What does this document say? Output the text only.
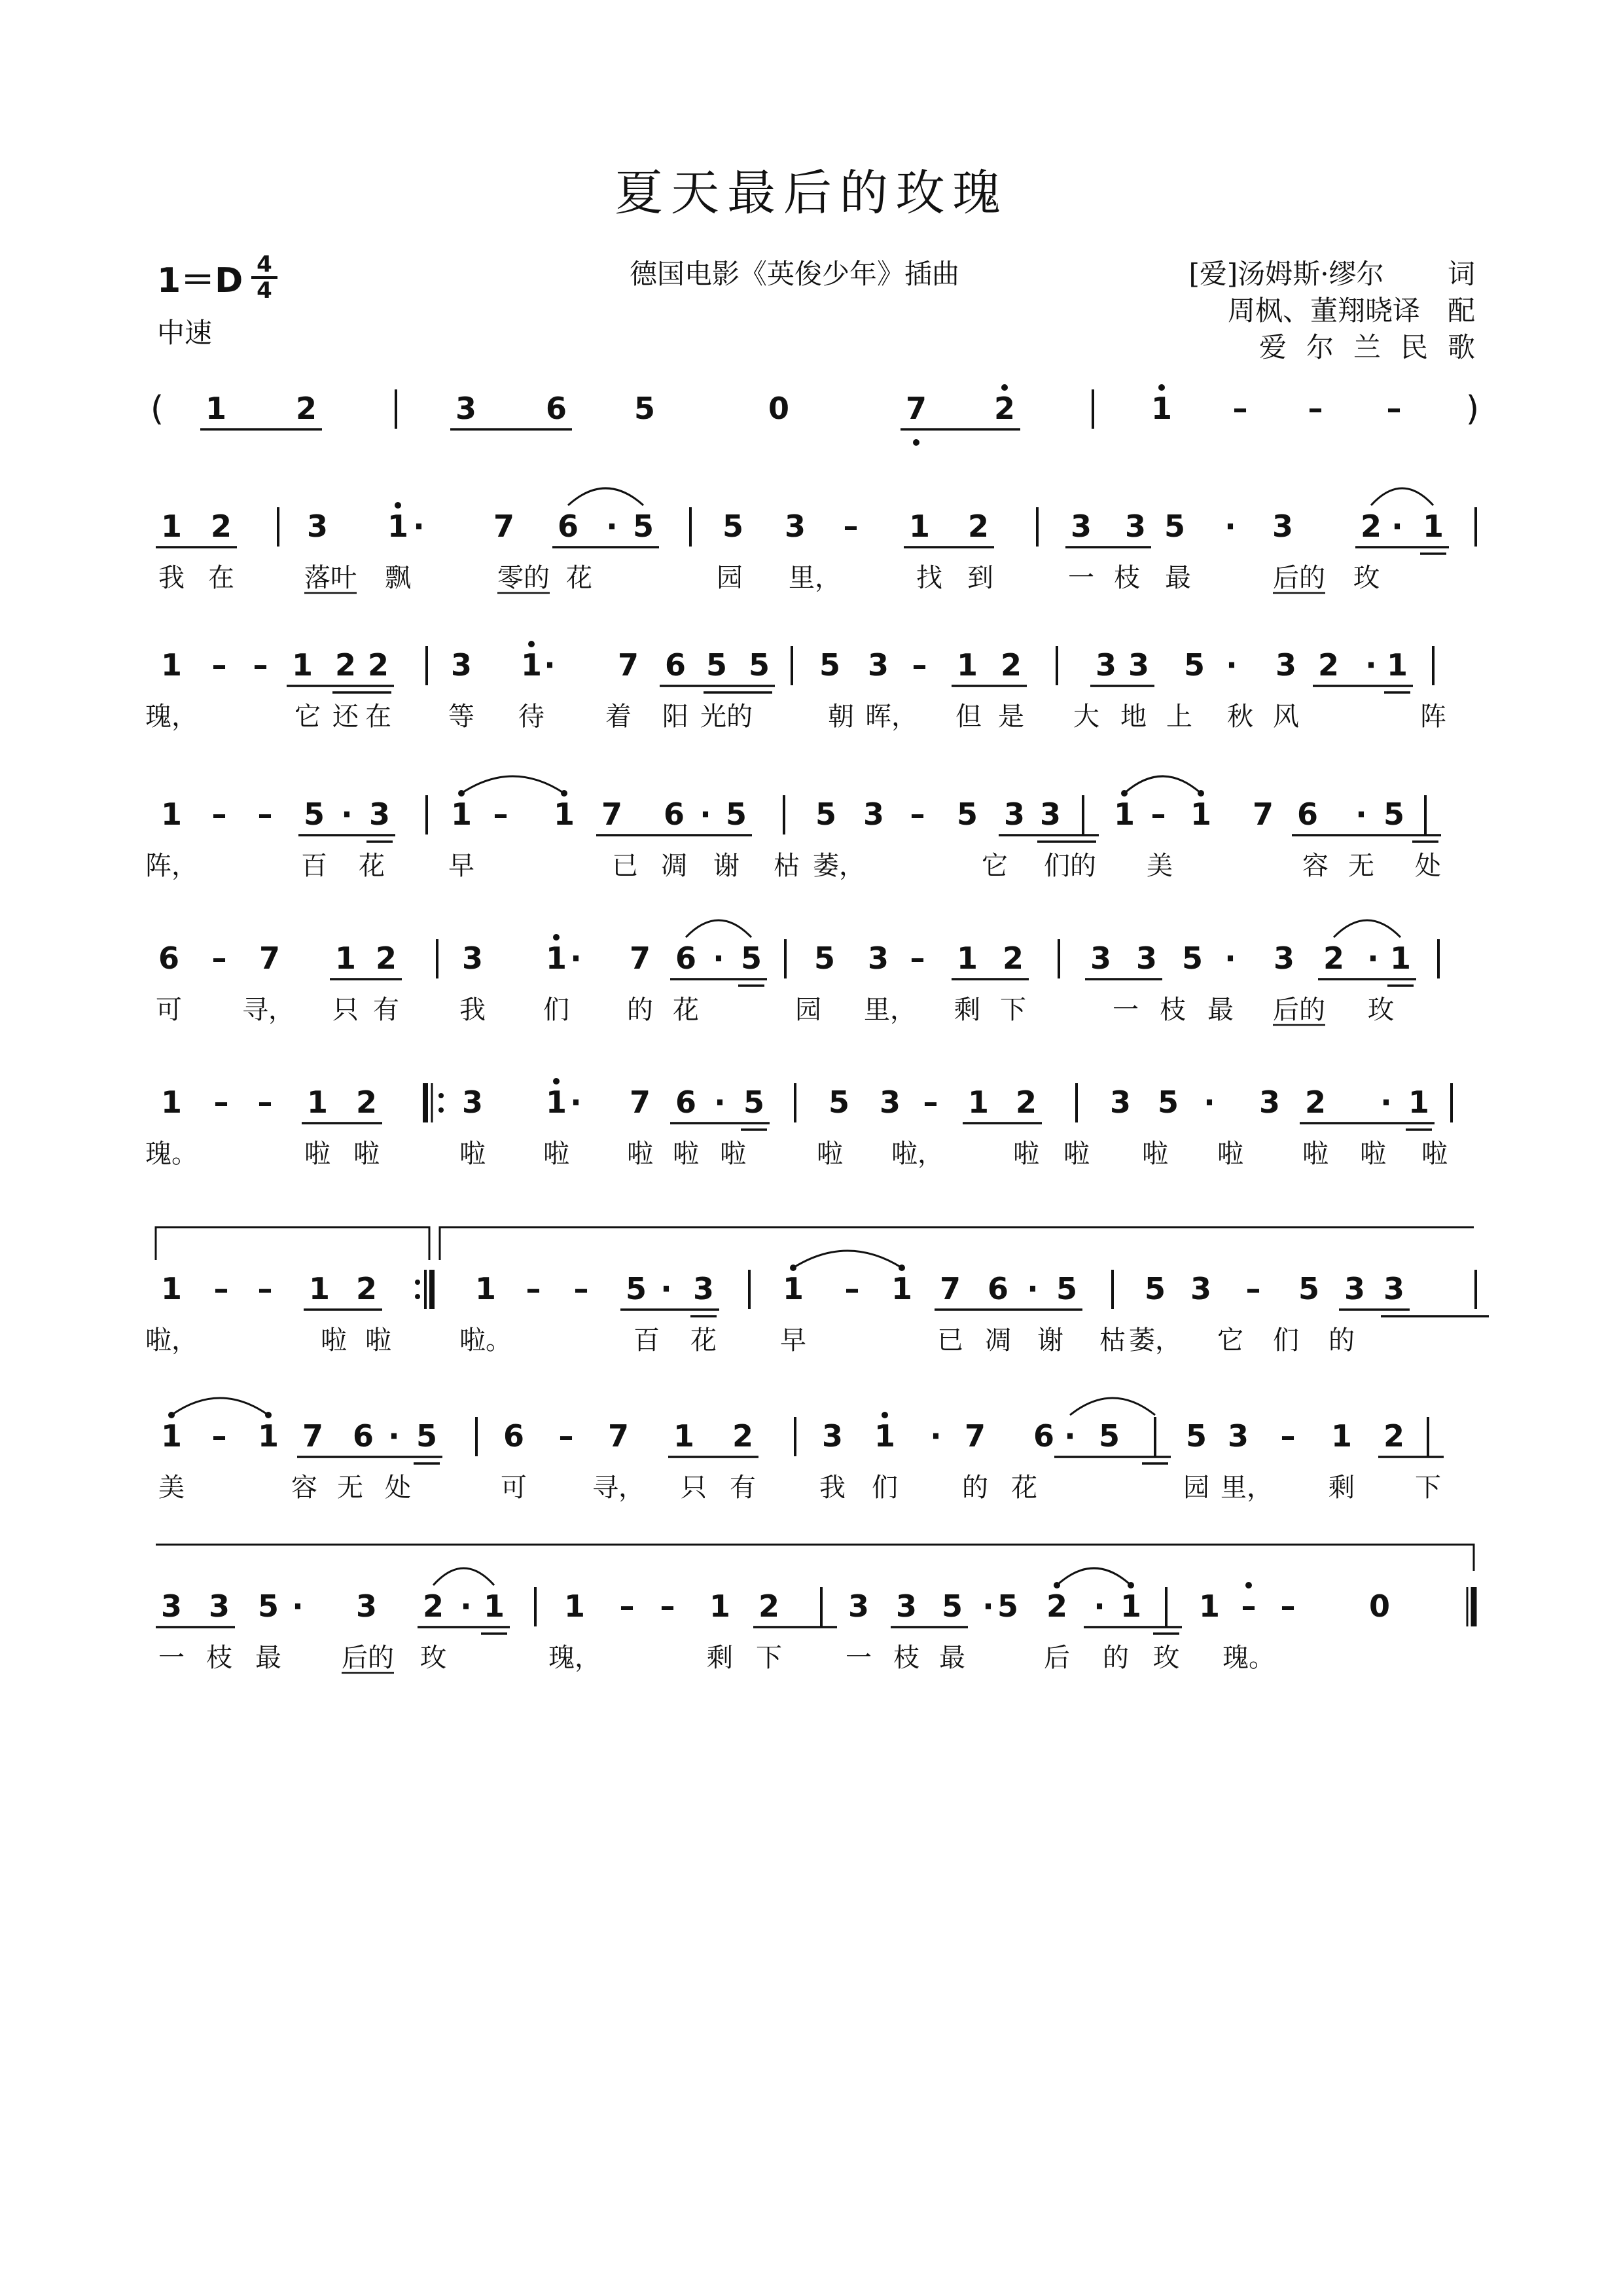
夏天最后的玫瑰
1＝D 4
4
中速
德国电影《英俊少年》插曲	[爱]汤姆斯·缪尔　　 词
周枫、董翔晓译　配
爱尔兰民歌
( 1 2	3 6 5	0	7 2	1 – – – )
1 2 3 1 · 7 6 · 5 5 3 – 1 2	3 3 5 · 3 2 · 1
我 在	落叶 飘	零的 花	园 里，	找 到	一 枝 最	后的 玫
1 – – 1 2 2 3 1 · 7 6 5 5 5 3 – 1 2 3 3 5 · 3 2 · 1
瑰，	它 还 在 等 待 着 阳 光的	朝 晖， 但 是 大 地 上 秋 风	阵
1 – – 5 · 3 1 – 1 7 6 · 5 5 3 – 5 3 3 1 – 1 7 6 · 5
阵，	百 花 早	已 凋 谢 枯 萎，	它 们的 美	容 无 处
6 – 7 1 2 3 1 · 7 6 · 5 5 3 – 1 2 3 3 5 · 3 2 · 1
可 寻， 只 有 我 们 的 花	园 里， 剩 下	一 枝 最 后的 玫
1 – – 1 2	3 1 · 7 6 · 5 5 3 – 1 2 3 5 · 3 2 · 1
瑰。	啦 啦	啦 啦 啦 啦 啦	啦 啦，	啦 啦 啦 啦 啦 啦 啦
1 – – 1 2	1 – – 5 · 3 1 – 1 7 6 · 5 5 3 – 5 3 3
啦，	啦 啦	啦。	百 花 早	已 凋 谢 枯 萎， 它 们 的
1 – 1 7 6 · 5 6 – 7 1 2 3 1 · 7 6 · 5 5 3 – 1 2
美	容 无 处	可	寻， 只 有 我 们 的 花	园 里， 剩 下
3 3 5 · 3 2 · 1 1 – – 1 2 3 3 5 · 5 2 · 1 1 – – 0
一 枝 最 后的 玫	瑰，	剩 下 一 枝 最	后 的 玫 瑰。
